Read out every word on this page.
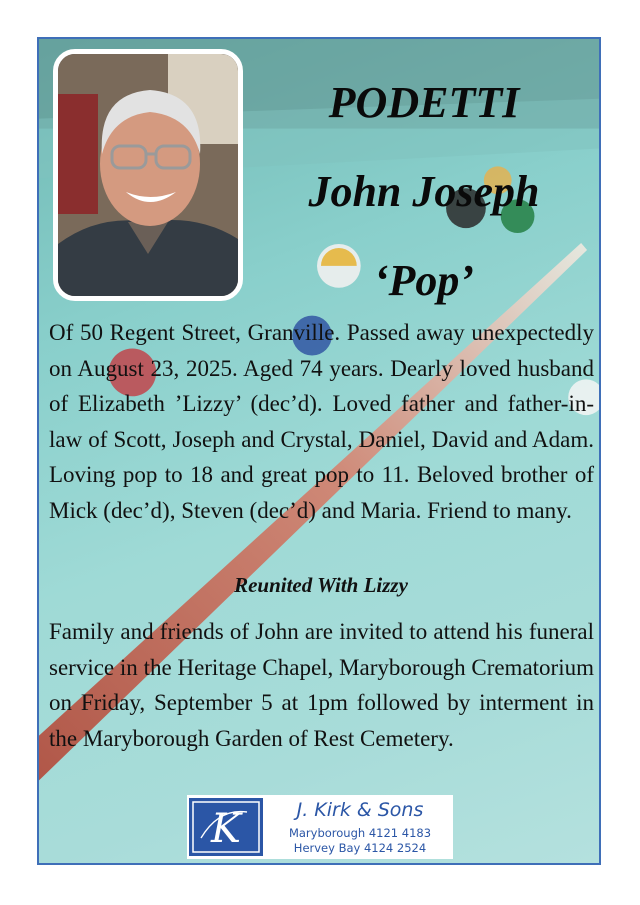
PODETTI
John Joseph
‘Pop’

Of 50 Regent Street, Granville. Passed away unexpectedly on August 23, 2025. Aged 74 years. Dearly loved husband of Elizabeth ’Lizzy’ (dec’d). Loved father and father-in-law of Scott, Joseph and Crystal, Daniel, David and Adam. Loving pop to 18 and great pop to 11. Beloved brother of Mick (dec’d), Steven (dec’d) and Maria. Friend to many.

Reunited With Lizzy

Family and friends of John are invited to attend his funeral service in the Heritage Chapel, Maryborough Crematorium on Friday, September 5 at 1pm followed by interment in the Maryborough Garden of Rest Cemetery.

K	J. Kirk & Sons
Maryborough 4121 4183
Hervey Bay 4124 2524
